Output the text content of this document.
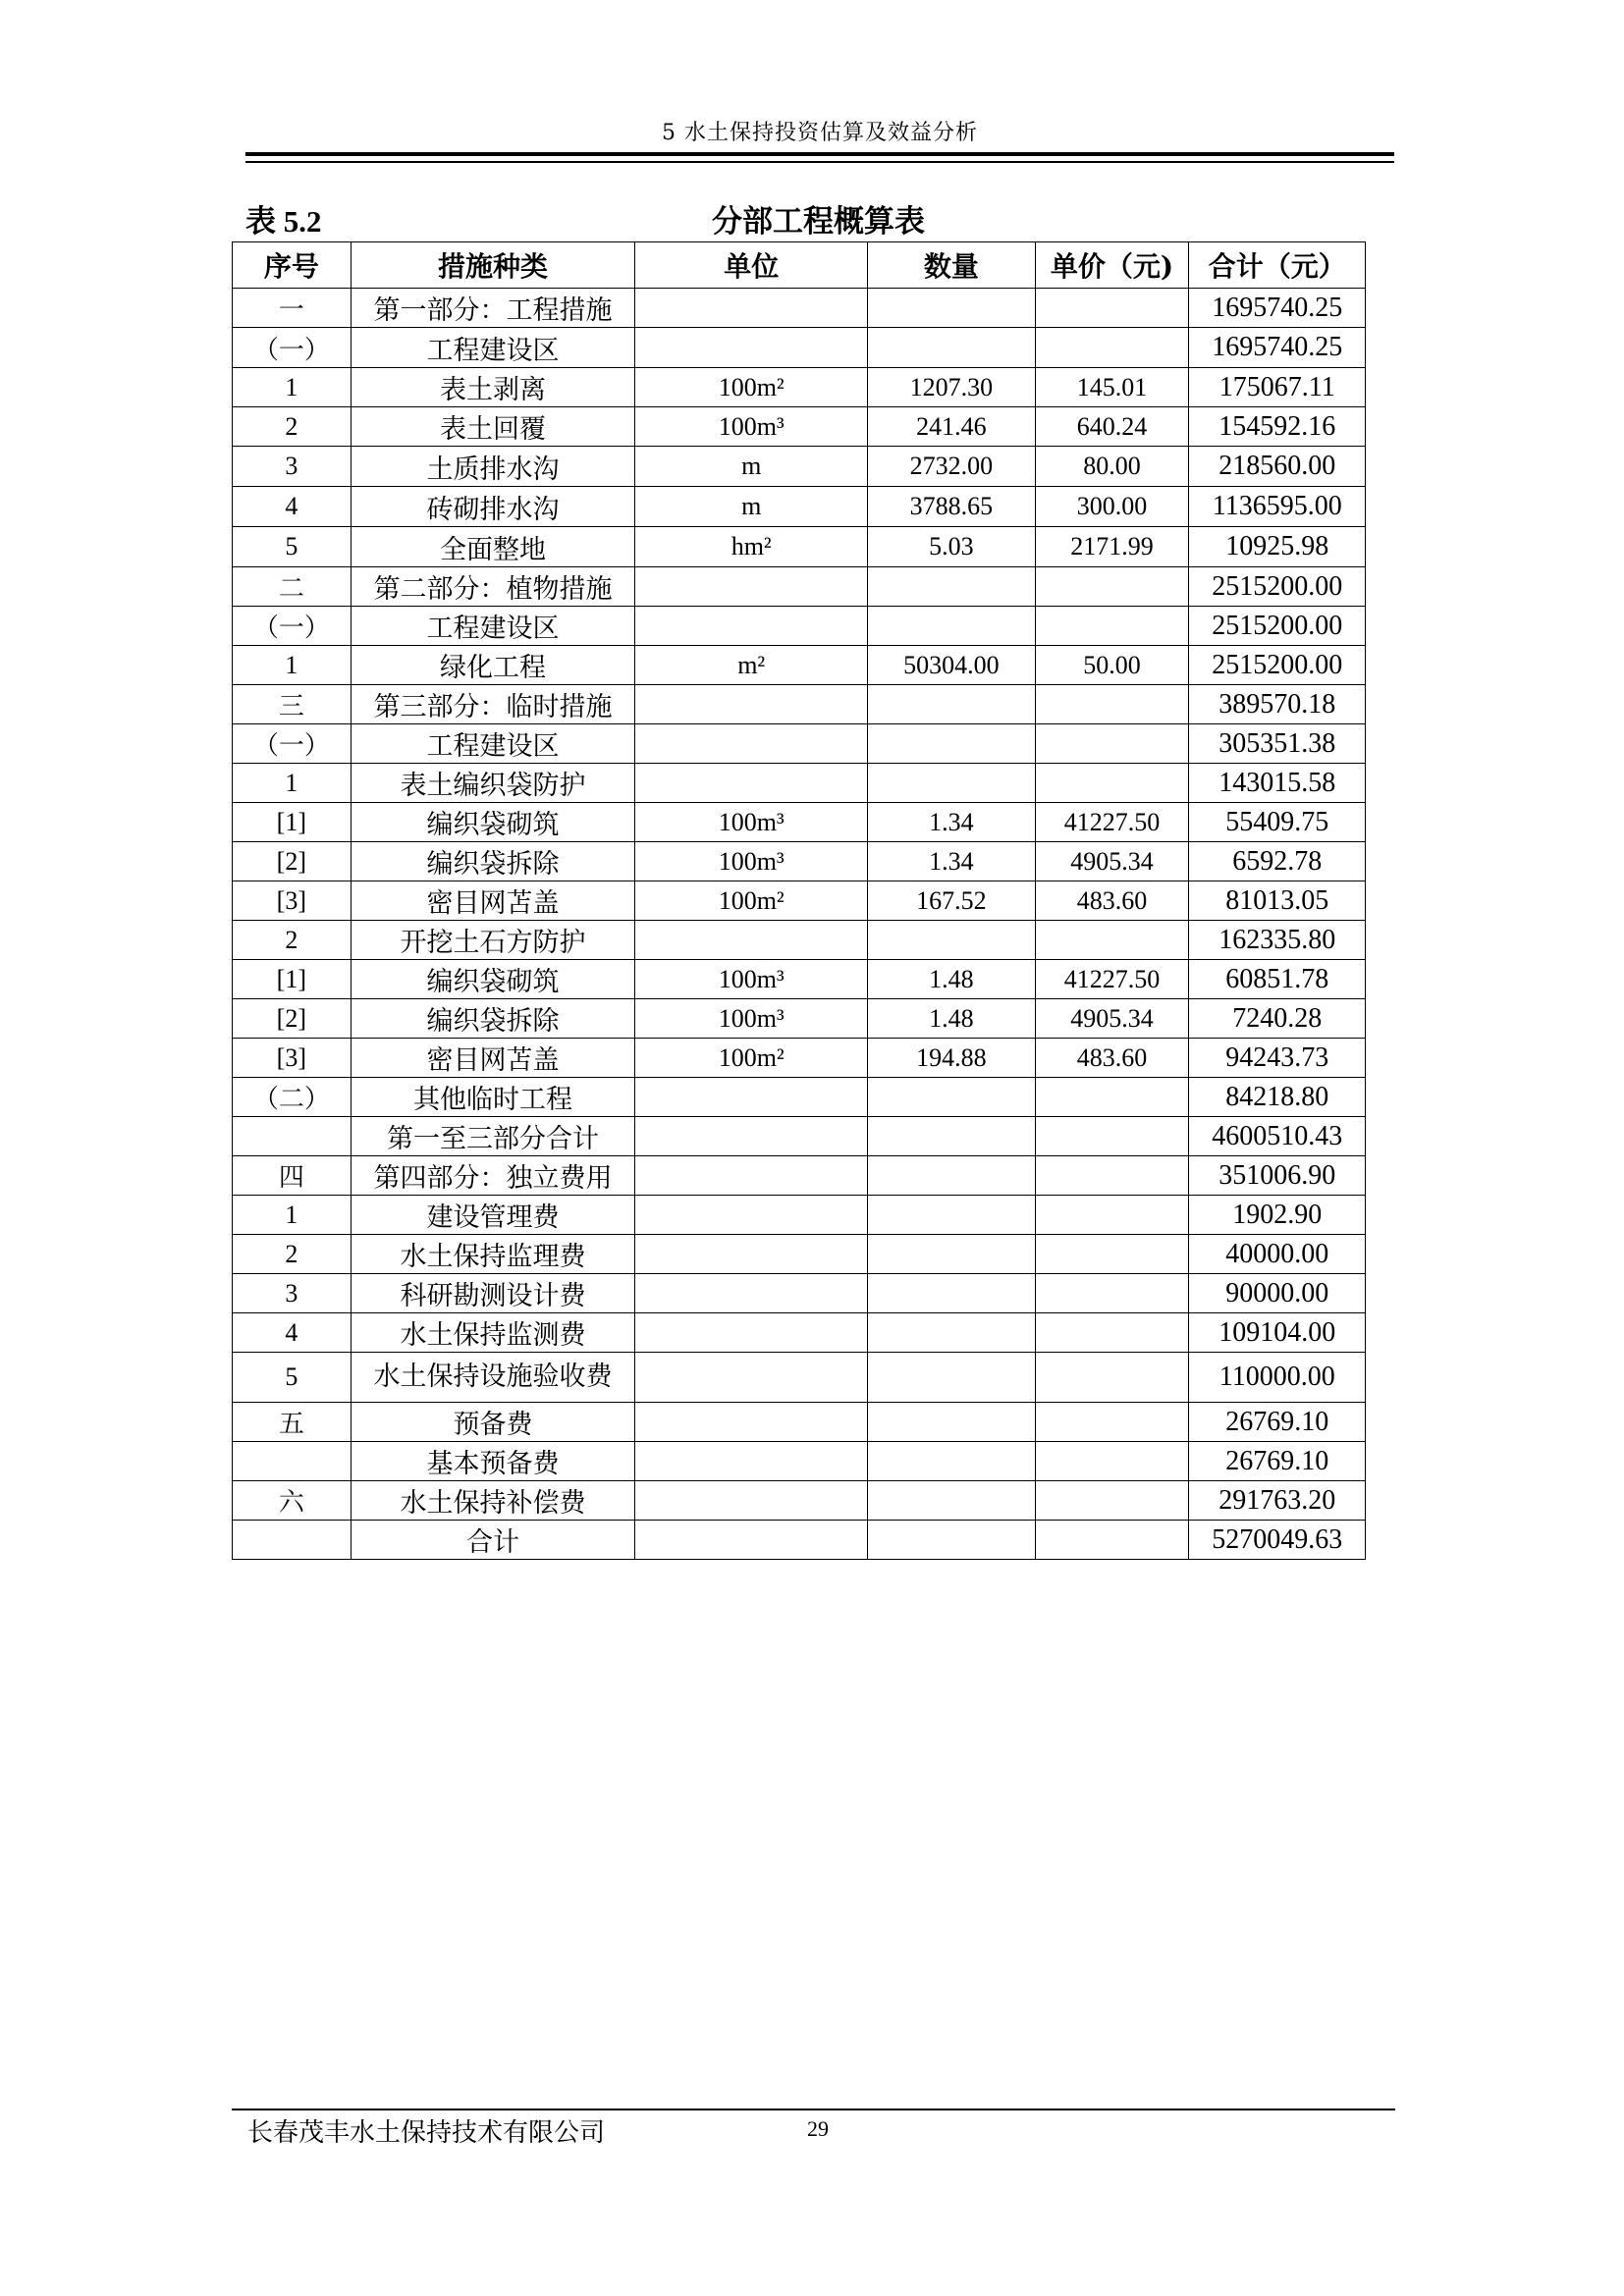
5 水土保持投资估算及效益分析
表 5.2	分部工程概算表
序号	措施种类	单位	数量	单价（元)	合计（元）
一	第一部分：工程措施				1695740.25
（一）	工程建设区				1695740.25
1	表土剥离	100m²	1207.30	145.01	175067.11
2	表土回覆	100m³	241.46	640.24	154592.16
3	土质排水沟	m	2732.00	80.00	218560.00
4	砖砌排水沟	m	3788.65	300.00	1136595.00
5	全面整地	hm²	5.03	2171.99	10925.98
二	第二部分：植物措施				2515200.00
（一）	工程建设区				2515200.00
1	绿化工程	m²	50304.00	50.00	2515200.00
三	第三部分：临时措施				389570.18
（一）	工程建设区				305351.38
1	表土编织袋防护				143015.58
[1]	编织袋砌筑	100m³	1.34	41227.50	55409.75
[2]	编织袋拆除	100m³	1.34	4905.34	6592.78
[3]	密目网苫盖	100m²	167.52	483.60	81013.05
2	开挖土石方防护				162335.80
[1]	编织袋砌筑	100m³	1.48	41227.50	60851.78
[2]	编织袋拆除	100m³	1.48	4905.34	7240.28
[3]	密目网苫盖	100m²	194.88	483.60	94243.73
（二）	其他临时工程				84218.80
	第一至三部分合计				4600510.43
四	第四部分：独立费用				351006.90
1	建设管理费				1902.90
2	水土保持监理费				40000.00
3	科研勘测设计费				90000.00
4	水土保持监测费				109104.00
5	水土保持设施验收费				110000.00
五	预备费				26769.10
	基本预备费				26769.10
六	水土保持补偿费				291763.20
	合计				5270049.63
长春茂丰水土保持技术有限公司	29
